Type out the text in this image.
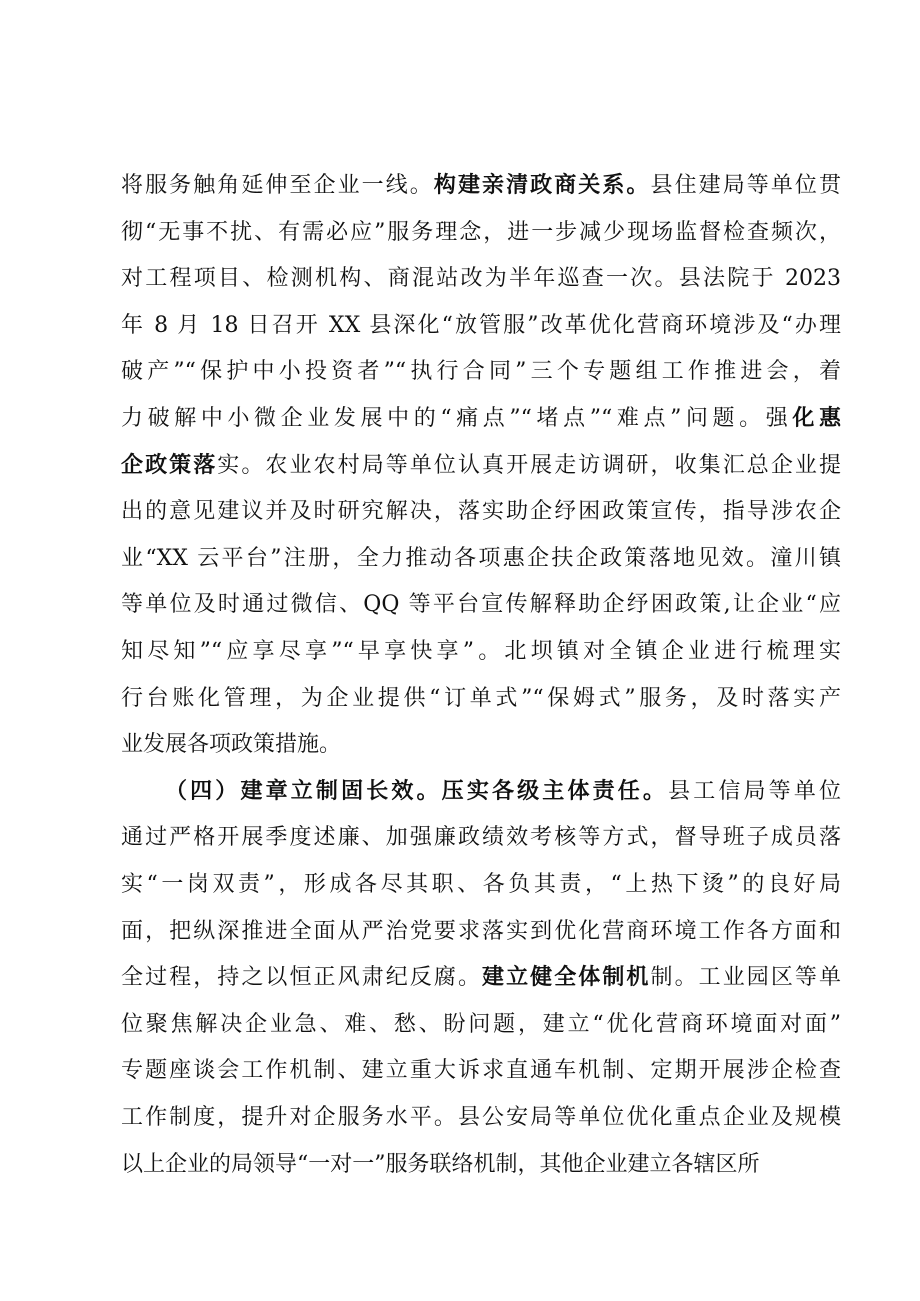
将服务触角延伸至企业一线。构建亲清政商关系。县住建局等单位贯
彻“无事不扰、有需必应”服务理念，进一步减少现场监督检查频次，
对工程项目、检测机构、商混站改为半年巡查一次。县法院于 2023
年 8 月 18 日召开 XX 县深化“放管服”改革优化营商环境涉及“办理
破产”“保护中小投资者”“执行合同”三个专题组工作推进会，着
力破解中小微企业发展中的“痛点”“堵点”“难点”问题。强化惠
企政策落实。农业农村局等单位认真开展走访调研，收集汇总企业提
出的意见建议并及时研究解决，落实助企纾困政策宣传，指导涉农企
业“XX 云平台”注册，全力推动各项惠企扶企政策落地见效。潼川镇
等单位及时通过微信、QQ 等平台宣传解释助企纾困政策,让企业“应
知尽知”“应享尽享”“早享快享”。北坝镇对全镇企业进行梳理实
行台账化管理，为企业提供“订单式”“保姆式”服务，及时落实产
业发展各项政策措施。
（四）建章立制固长效。压实各级主体责任。县工信局等单位
通过严格开展季度述廉、加强廉政绩效考核等方式，督导班子成员落
实“一岗双责”，形成各尽其职、各负其责，“上热下烫”的良好局
面，把纵深推进全面从严治党要求落实到优化营商环境工作各方面和
全过程，持之以恒正风肃纪反腐。建立健全体制机制。工业园区等单
位聚焦解决企业急、难、愁、盼问题，建立“优化营商环境面对面”
专题座谈会工作机制、建立重大诉求直通车机制、定期开展涉企检查
工作制度，提升对企服务水平。县公安局等单位优化重点企业及规模
以上企业的局领导“一对一”服务联络机制，其他企业建立各辖区所
